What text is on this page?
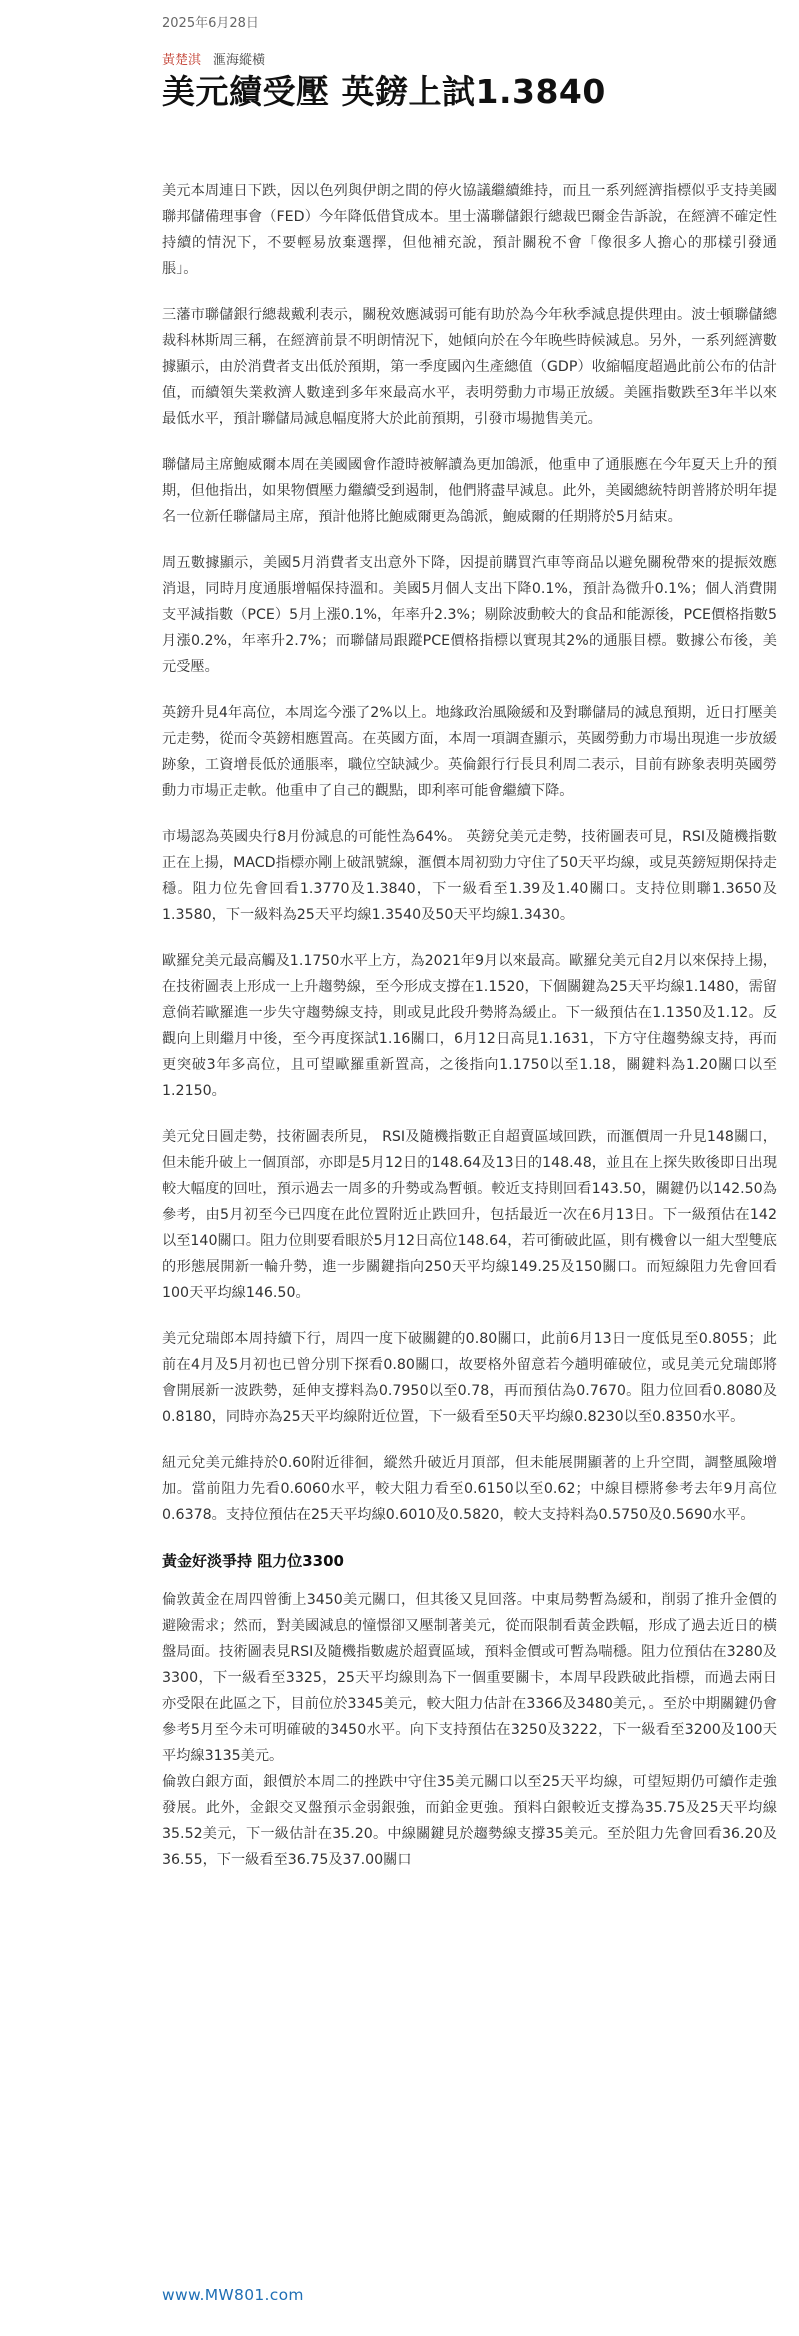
2025年6月28日
黃楚淇 滙海縱橫
美元續受壓 英鎊上試1.3840

美元本周連日下跌，因以色列與伊朗之間的停火協議繼續維持，而且一系列經濟指標似乎支持美國聯邦儲備理事會（FED）今年降低借貸成本。里士滿聯儲銀行總裁巴爾金告訴說，在經濟不確定性持續的情況下，不要輕易放棄選擇，但他補充說，預計關稅不會「像很多人擔心的那樣引發通脹」。

三藩市聯儲銀行總裁戴利表示，關稅效應減弱可能有助於為今年秋季減息提供理由。波士頓聯儲總裁科林斯周三稱，在經濟前景不明朗情況下，她傾向於在今年晚些時候減息。另外，一系列經濟數據顯示，由於消費者支出低於預期，第一季度國內生產總值（GDP）收縮幅度超過此前公布的估計值，而續領失業救濟人數達到多年來最高水平，表明勞動力市場正放緩。美匯指數跌至3年半以來最低水平，預計聯儲局減息幅度將大於此前預期，引發市場拋售美元。

聯儲局主席鮑威爾本周在美國國會作證時被解讀為更加鴿派，他重申了通脹應在今年夏天上升的預期，但他指出，如果物價壓力繼續受到遏制，他們將盡早減息。此外，美國總統特朗普將於明年提名一位新任聯儲局主席，預計他將比鮑威爾更為鴿派，鮑威爾的任期將於5月結束。

周五數據顯示，美國5月消費者支出意外下降，因提前購買汽車等商品以避免關稅帶來的提振效應消退，同時月度通脹增幅保持溫和。美國5月個人支出下降0.1%，預計為微升0.1%；個人消費開支平減指數（PCE）5月上漲0.1%，年率升2.3%；剔除波動較大的食品和能源後，PCE價格指數5月漲0.2%，年率升2.7%；而聯儲局跟蹤PCE價格指標以實現其2%的通脹目標。數據公布後，美元受壓。

英鎊升見4年高位，本周迄今漲了2%以上。地緣政治風險緩和及對聯儲局的減息預期，近日打壓美元走勢，從而令英鎊相應置高。在英國方面，本周一項調查顯示，英國勞動力市場出現進一步放緩跡象，工資增長低於通脹率，職位空缺減少。英倫銀行行長貝利周二表示，目前有跡象表明英國勞動力市場正走軟。他重申了自己的觀點，即利率可能會繼續下降。

市場認為英國央行8月份減息的可能性為64%。 英鎊兌美元走勢，技術圖表可見，RSI及隨機指數正在上揚，MACD指標亦剛上破訊號線，滙價本周初勁力守住了50天平均線，或見英鎊短期保持走穩。阻力位先會回看1.3770及1.3840，下一級看至1.39及1.40關口。支持位則聯1.3650及1.3580，下一級料為25天平均線1.3540及50天平均線1.3430。

歐羅兌美元最高觸及1.1750水平上方，為2021年9月以來最高。歐羅兌美元自2月以來保持上揚，在技術圖表上形成一上升趨勢線，至今形成支撐在1.1520，下個關鍵為25天平均線1.1480，需留意倘若歐羅進一步失守趨勢線支持，則或見此段升勢將為緩止。下一級預估在1.1350及1.12。反觀向上則繼月中後，至今再度探試1.16關口，6月12日高見1.1631，下方守住趨勢線支持，再而更突破3年多高位，且可望歐羅重新置高，之後指向1.1750以至1.18，關鍵料為1.20關口以至1.2150。

美元兌日圓走勢，技術圖表所見， RSI及隨機指數正自超賣區域回跌，而滙價周一升見148關口，但未能升破上一個頂部，亦即是5月12日的148.64及13日的148.48，並且在上探失敗後即日出現較大幅度的回吐，預示過去一周多的升勢或為暫頓。較近支持則回看143.50，關鍵仍以142.50為參考，由5月初至今已四度在此位置附近止跌回升，包括最近一次在6月13日。下一級預估在142以至140關口。阻力位則要看眼於5月12日高位148.64，若可衝破此區，則有機會以一組大型雙底的形態展開新一輪升勢，進一步關鍵指向250天平均線149.25及150關口。而短線阻力先會回看100天平均線146.50。

美元兌瑞郎本周持續下行，周四一度下破關鍵的0.80關口，此前6月13日一度低見至0.8055；此前在4月及5月初也已曾分別下探看0.80關口，故要格外留意若今趟明確破位，或見美元兌瑞郎將會開展新一波跌勢，延伸支撐料為0.7950以至0.78，再而預估為0.7670。阻力位回看0.8080及0.8180，同時亦為25天平均線附近位置，下一級看至50天平均線0.8230以至0.8350水平。

紐元兌美元維持於0.60附近徘徊，縱然升破近月頂部，但未能展開顯著的上升空間，調整風險增加。當前阻力先看0.6060水平，較大阻力看至0.6150以至0.62；中線目標將參考去年9月高位0.6378。支持位預估在25天平均線0.6010及0.5820，較大支持料為0.5750及0.5690水平。

黃金好淡爭持 阻力位3300

倫敦黃金在周四曾衝上3450美元關口，但其後又見回落。中東局勢暫為緩和，削弱了推升金價的避險需求；然而，對美國減息的憧憬卻又壓制著美元，從而限制看黃金跌幅，形成了過去近日的橫盤局面。技術圖表見RSI及隨機指數處於超賣區域，預料金價或可暫為喘穩。阻力位預估在3280及3300，下一級看至3325，25天平均線則為下一個重要關卡，本周早段跌破此指標，而過去兩日亦受限在此區之下，目前位於3345美元，較大阻力估計在3366及3480美元，。至於中期關鍵仍會參考5月至今未可明確破的3450水平。向下支持預估在3250及3222，下一級看至3200及100天平均線3135美元。

倫敦白銀方面，銀價於本周二的挫跌中守住35美元關口以至25天平均線，可望短期仍可續作走強發展。此外，金銀交叉盤預示金弱銀強，而鉑金更強。預料白銀較近支撐為35.75及25天平均線35.52美元，下一級估計在35.20。中線關鍵見於趨勢線支撐35美元。至於阻力先會回看36.20及36.55，下一級看至36.75及37.00關口

www.MW801.com
